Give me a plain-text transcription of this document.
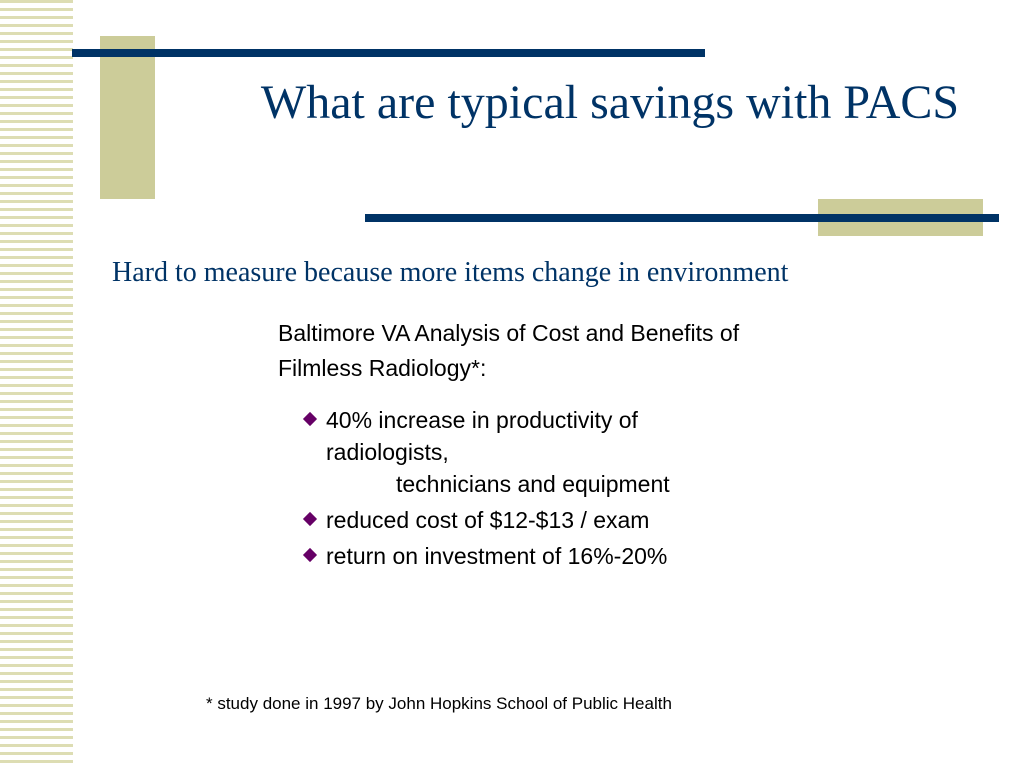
What are typical savings with PACS

Hard to measure because more items change in environment

Baltimore VA Analysis of Cost and Benefits of
Filmless Radiology*:
40% increase in productivity of radiologists,
technicians and equipment
reduced cost of $12-$13 / exam
return on investment of 16%-20%

* study done in 1997 by John Hopkins School of Public Health
